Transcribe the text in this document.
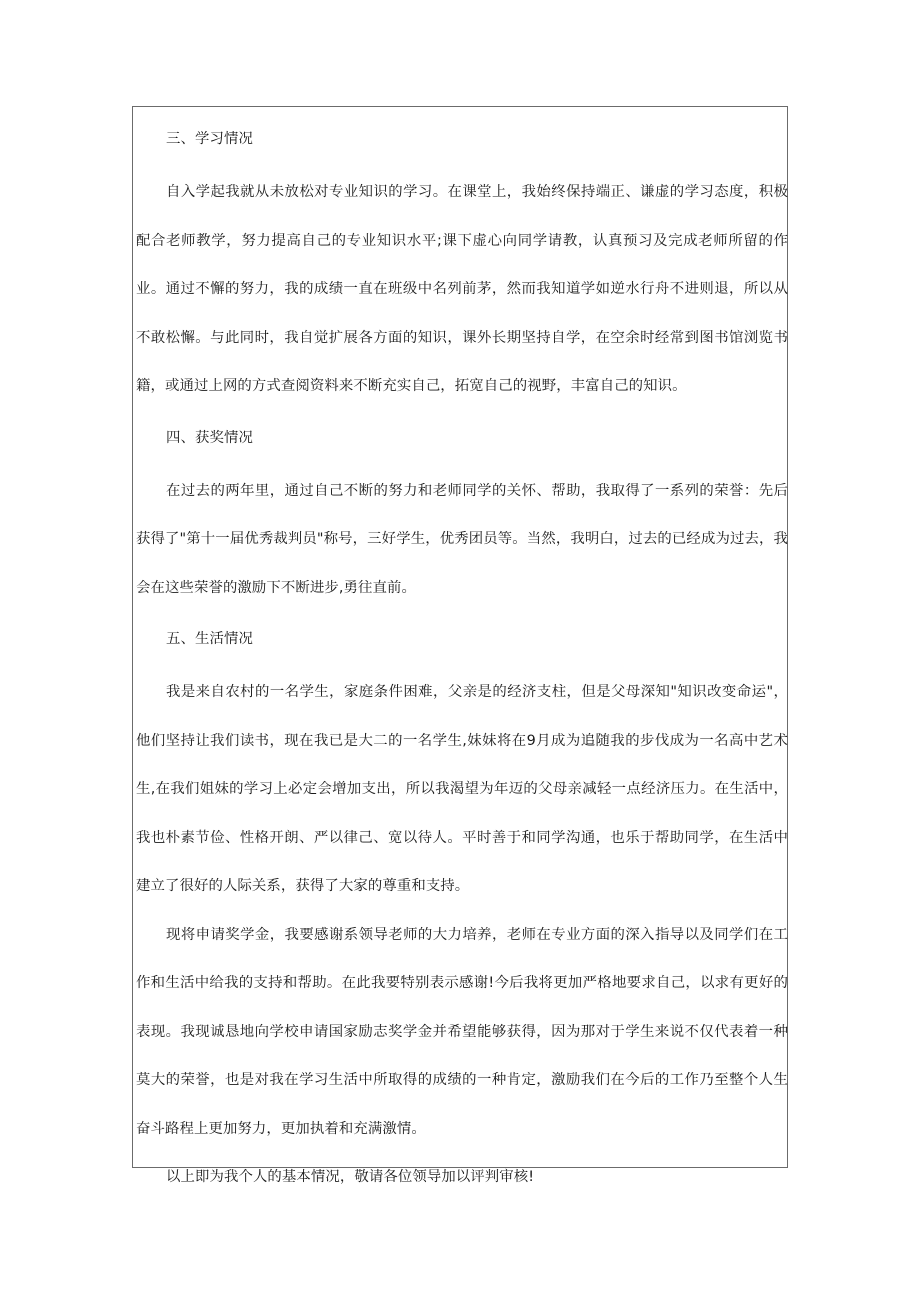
三、学习情况

自入学起我就从未放松对专业知识的学习。在课堂上，我始终保持端正、谦虚的学习态度，积极配合老师教学，努力提高自己的专业知识水平;课下虚心向同学请教，认真预习及完成老师所留的作业。通过不懈的努力，我的成绩一直在班级中名列前茅，然而我知道学如逆水行舟不进则退，所以从不敢松懈。与此同时，我自觉扩展各方面的知识，课外长期坚持自学，在空余时经常到图书馆浏览书籍，或通过上网的方式查阅资料来不断充实自己，拓宽自己的视野，丰富自己的知识。

四、获奖情况

在过去的两年里，通过自己不断的努力和老师同学的关怀、帮助，我取得了一系列的荣誉：先后获得了"第十一届优秀裁判员"称号，三好学生，优秀团员等。当然，我明白，过去的已经成为过去，我会在这些荣誉的激励下不断进步,勇往直前。

五、生活情况

我是来自农村的一名学生，家庭条件困难，父亲是的经济支柱，但是父母深知"知识改变命运"，他们坚持让我们读书，现在我已是大二的一名学生,妹妹将在9月成为追随我的步伐成为一名高中艺术生,在我们姐妹的学习上必定会增加支出，所以我渴望为年迈的父母亲减轻一点经济压力。在生活中，我也朴素节俭、性格开朗、严以律己、宽以待人。平时善于和同学沟通，也乐于帮助同学，在生活中建立了很好的人际关系，获得了大家的尊重和支持。

现将申请奖学金，我要感谢系领导老师的大力培养，老师在专业方面的深入指导以及同学们在工作和生活中给我的支持和帮助。在此我要特别表示感谢!今后我将更加严格地要求自己，以求有更好的表现。我现诚恳地向学校申请国家励志奖学金并希望能够获得，因为那对于学生来说不仅代表着一种莫大的荣誉，也是对我在学习生活中所取得的成绩的一种肯定，激励我们在今后的工作乃至整个人生奋斗路程上更加努力，更加执着和充满激情。

以上即为我个人的基本情况，敬请各位领导加以评判审核!
